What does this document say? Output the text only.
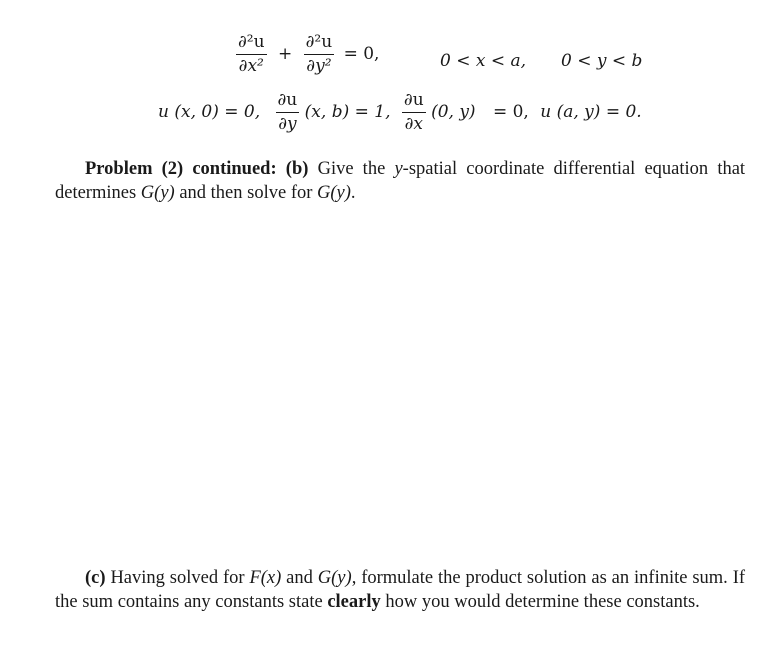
$\frac{\text{∂²u}}{\text{∂x²}} + \frac{\text{∂²u}}{\text{∂y²}} = 0$,	0 < x < a, 0 < y < b
u (x, 0) = 0, $\frac{\partial u}{\partial y} (x$, b) = 1, $\frac{\partial u}{\partial x} (0$, y) = 0, u (a, y) = 0.
Problem (2) continued: (b) Give the y-spatial coordinate differential equation that determines G(y) and then solve for G(y).
(c) Having solved for F(x) and G(y), formulate the product solution as an infinite sum. If the sum contains any constants state clearly how you would determine these constants.
